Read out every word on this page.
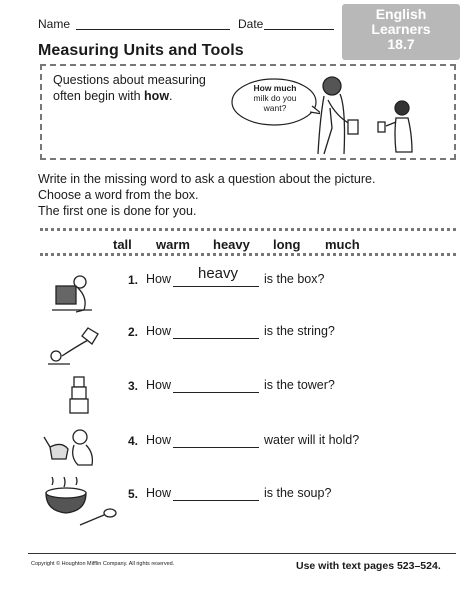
Name	Date
English
Learners
18.7
Measuring Units and Tools
Questions about measuring
often begin with how.
How much
milk do you
want?
Write in the missing word to ask a question about the picture.
Choose a word from the box.
The first one is done for you.
tall warm heavy long much
1. How heavy is the box?
2. How	is the string?
3. How	is the tower?
4. How	water will it hold?
5. How	is the soup?
Copyright © Houghton Mifflin Company. All rights reserved.	Use with text pages 523–524.
